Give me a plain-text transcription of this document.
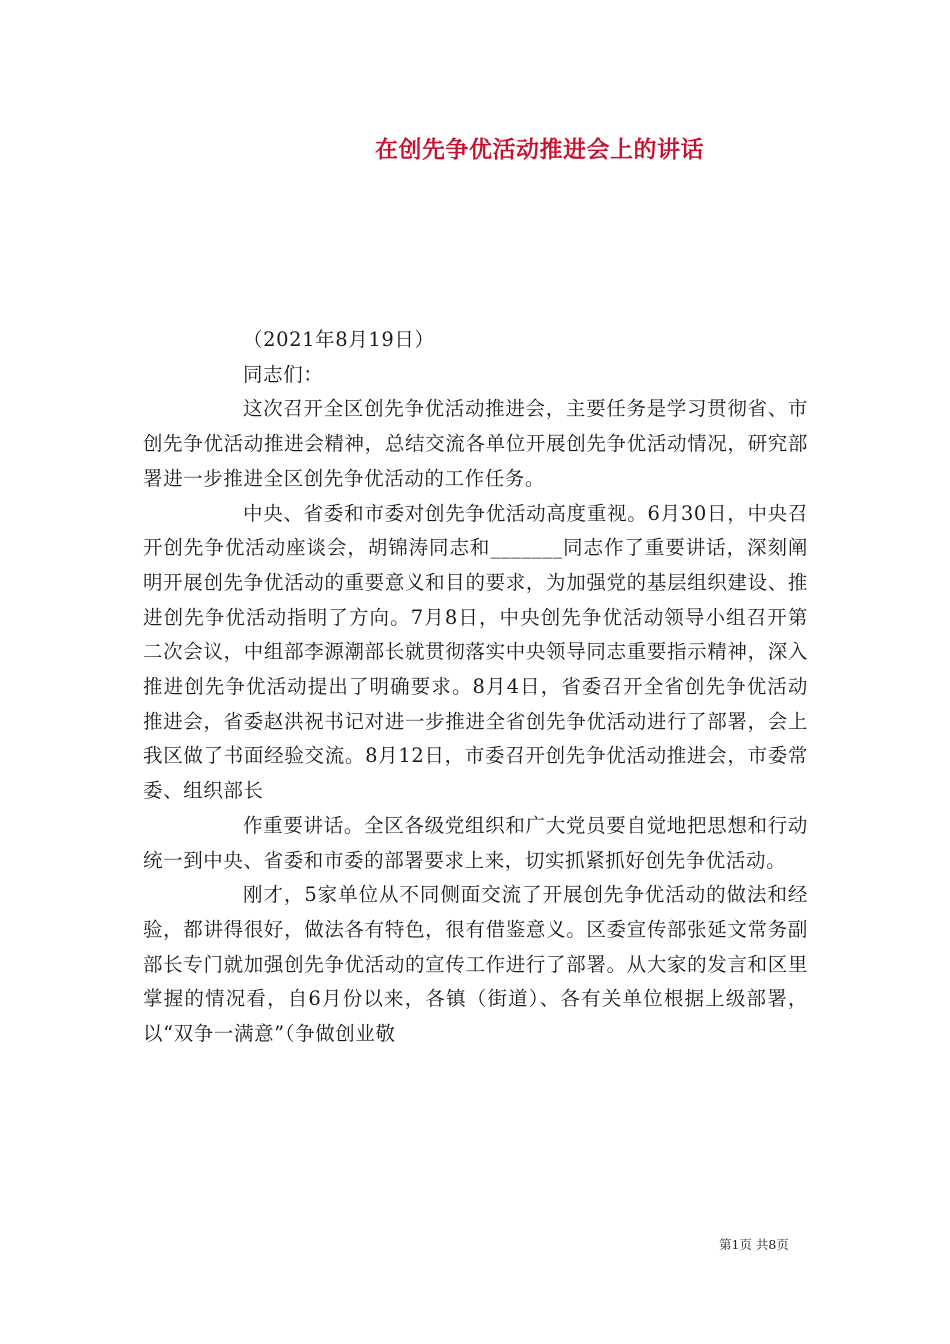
在创先争优活动推进会上的讲话

（2021年8月19日）

同志们：

这次召开全区创先争优活动推进会，主要任务是学习贯彻省、市创先争优活动推进会精神，总结交流各单位开展创先争优活动情况，研究部署进一步推进全区创先争优活动的工作任务。

中央、省委和市委对创先争优活动高度重视。6月30日，中央召开创先争优活动座谈会，胡锦涛同志和_______同志作了重要讲话，深刻阐明开展创先争优活动的重要意义和目的要求，为加强党的基层组织建设、推进创先争优活动指明了方向。7月8日，中央创先争优活动领导小组召开第二次会议，中组部李源潮部长就贯彻落实中央领导同志重要指示精神，深入推进创先争优活动提出了明确要求。8月4日，省委召开全省创先争优活动推进会，省委赵洪祝书记对进一步推进全省创先争优活动进行了部署，会上我区做了书面经验交流。8月12日，市委召开创先争优活动推进会，市委常委、组织部长

作重要讲话。全区各级党组织和广大党员要自觉地把思想和行动统一到中央、省委和市委的部署要求上来，切实抓紧抓好创先争优活动。

刚才，5家单位从不同侧面交流了开展创先争优活动的做法和经验，都讲得很好，做法各有特色，很有借鉴意义。区委宣传部张延文常务副部长专门就加强创先争优活动的宣传工作进行了部署。从大家的发言和区里掌握的情况看，自6月份以来，各镇（街道）、各有关单位根据上级部署，以“双争一满意”（争做创业敬

第1页 共8页
